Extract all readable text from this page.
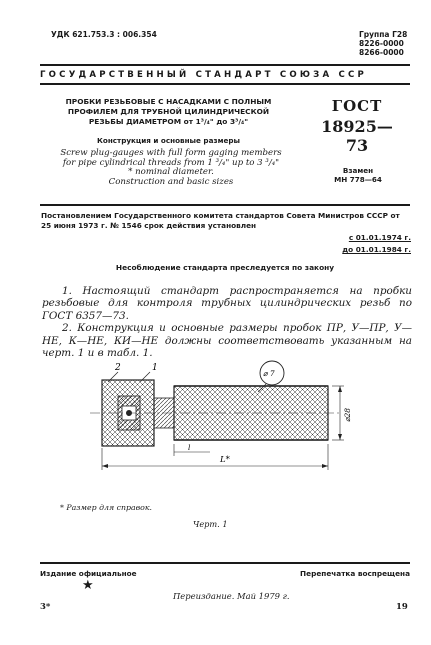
УДК 621.753.3 : 006.354	Группа Г28
8226-0000
8266-0000
ГОСУДАРСТВЕННЫЙ СТАНДАРТ СОЮЗА ССР
ПРОБКИ РЕЗЬБОВЫЕ С НАСАДКАМИ С ПОЛНЫМ
ПРОФИЛЕМ ДЛЯ ТРУБНОЙ ЦИЛИНДРИЧЕСКОЙ
РЕЗЬБЫ ДИАМЕТРОМ от 1³/₄" до 3³/₄"
Конструкция и основные размеры
Screw plug-gauges with full form gaging members
for pipe cylindrical threads from 1 ³/₄" up to 3 ³/₄"
* nominal diameter.
Construction and basic sizes
ГОСТ
18925—73
Взамен
МН 778—64
Постановлением Государственного комитета стандартов Совета Министров СССР от 25 июня 1973 г. № 1546 срок действия установлен
с 01.01.1974 г.
до 01.01.1984 г.
Несоблюдение стандарта преследуется по закону

1. Настоящий стандарт распространяется на пробки резьбовые для контроля трубных цилиндрических резьб по ГОСТ 6357—73.

2. Конструкция и основные размеры пробок ПР, У—ПР, У—НЕ, К—НЕ, КИ—НЕ должны соответствовать указанным на черт. 1 и в табл. 1.

2	1
⌀ 7
⌀28
L*
l
* Размер для справок.
Черт. 1
Издание официальное	Перепечатка воспрещена
★
3*
Переиздание. Май 1979 г.
19
